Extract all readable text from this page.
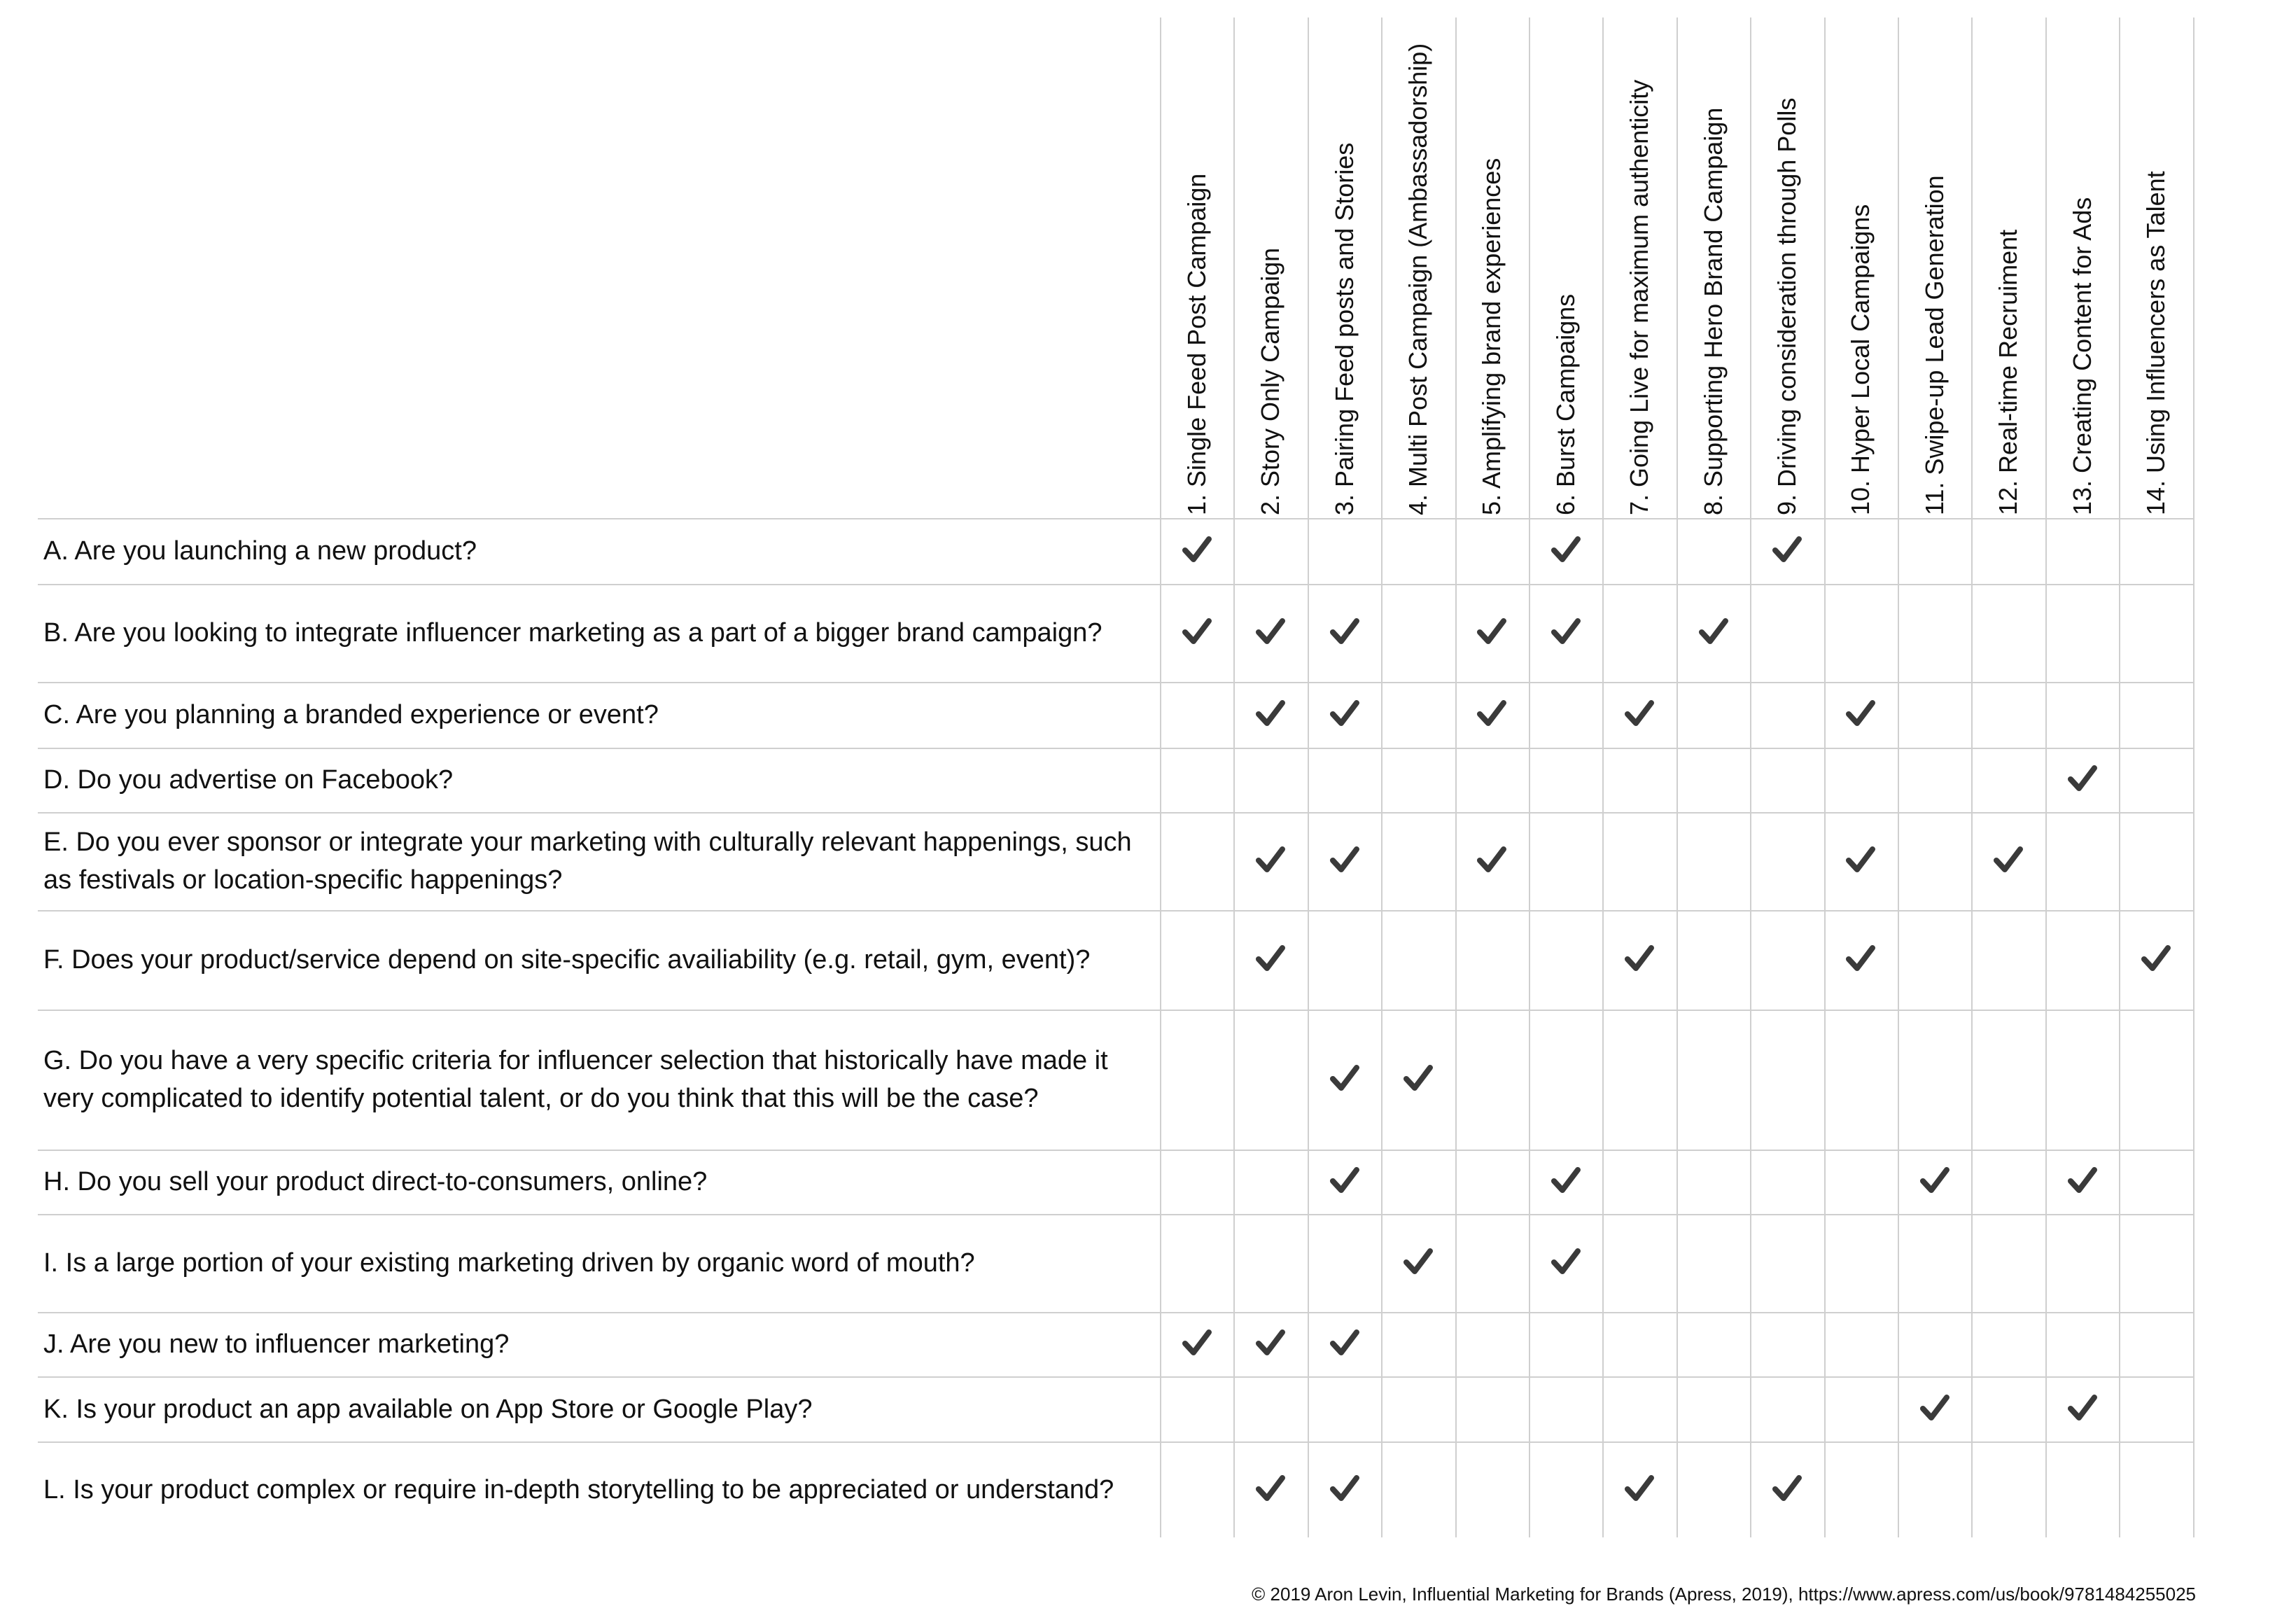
1. Single Feed Post Campaign 2. Story Only Campaign 3. Pairing Feed posts and Stories 4. Multi Post Campaign (Ambassadorship) 5. Amplifying brand experiences 6. Burst Campaigns 7. Going Live for maximum authenticity 8. Supporting Hero Brand Campaign 9. Driving consideration through Polls 10. Hyper Local Campaigns 11. Swipe-up Lead Generation 12. Real-time Recruiment 13. Creating Content for Ads 14. Using Influencers as Talent
A. Are you launching a new product?
B. Are you looking to integrate influencer marketing as a part of a bigger brand campaign?
C. Are you planning a branded experience or event?
D. Do you advertise on Facebook?
E. Do you ever sponsor or integrate your marketing with culturally relevant happenings, such as festivals or location-specific happenings?
F. Does your product/service depend on site-specific availiability (e.g. retail, gym, event)?
G. Do you have a very specific criteria for influencer selection that historically have made it very complicated to identify potential talent, or do you think that this will be the case?
H. Do you sell your product direct-to-consumers, online?
I. Is a large portion of your existing marketing driven by organic word of mouth?
J. Are you new to influencer marketing?
K. Is your product an app available on App Store or Google Play?
L. Is your product complex or require in-depth storytelling to be appreciated or understand?
© 2019 Aron Levin, Influential Marketing for Brands (Apress, 2019), https://www.apress.com/us/book/9781484255025
